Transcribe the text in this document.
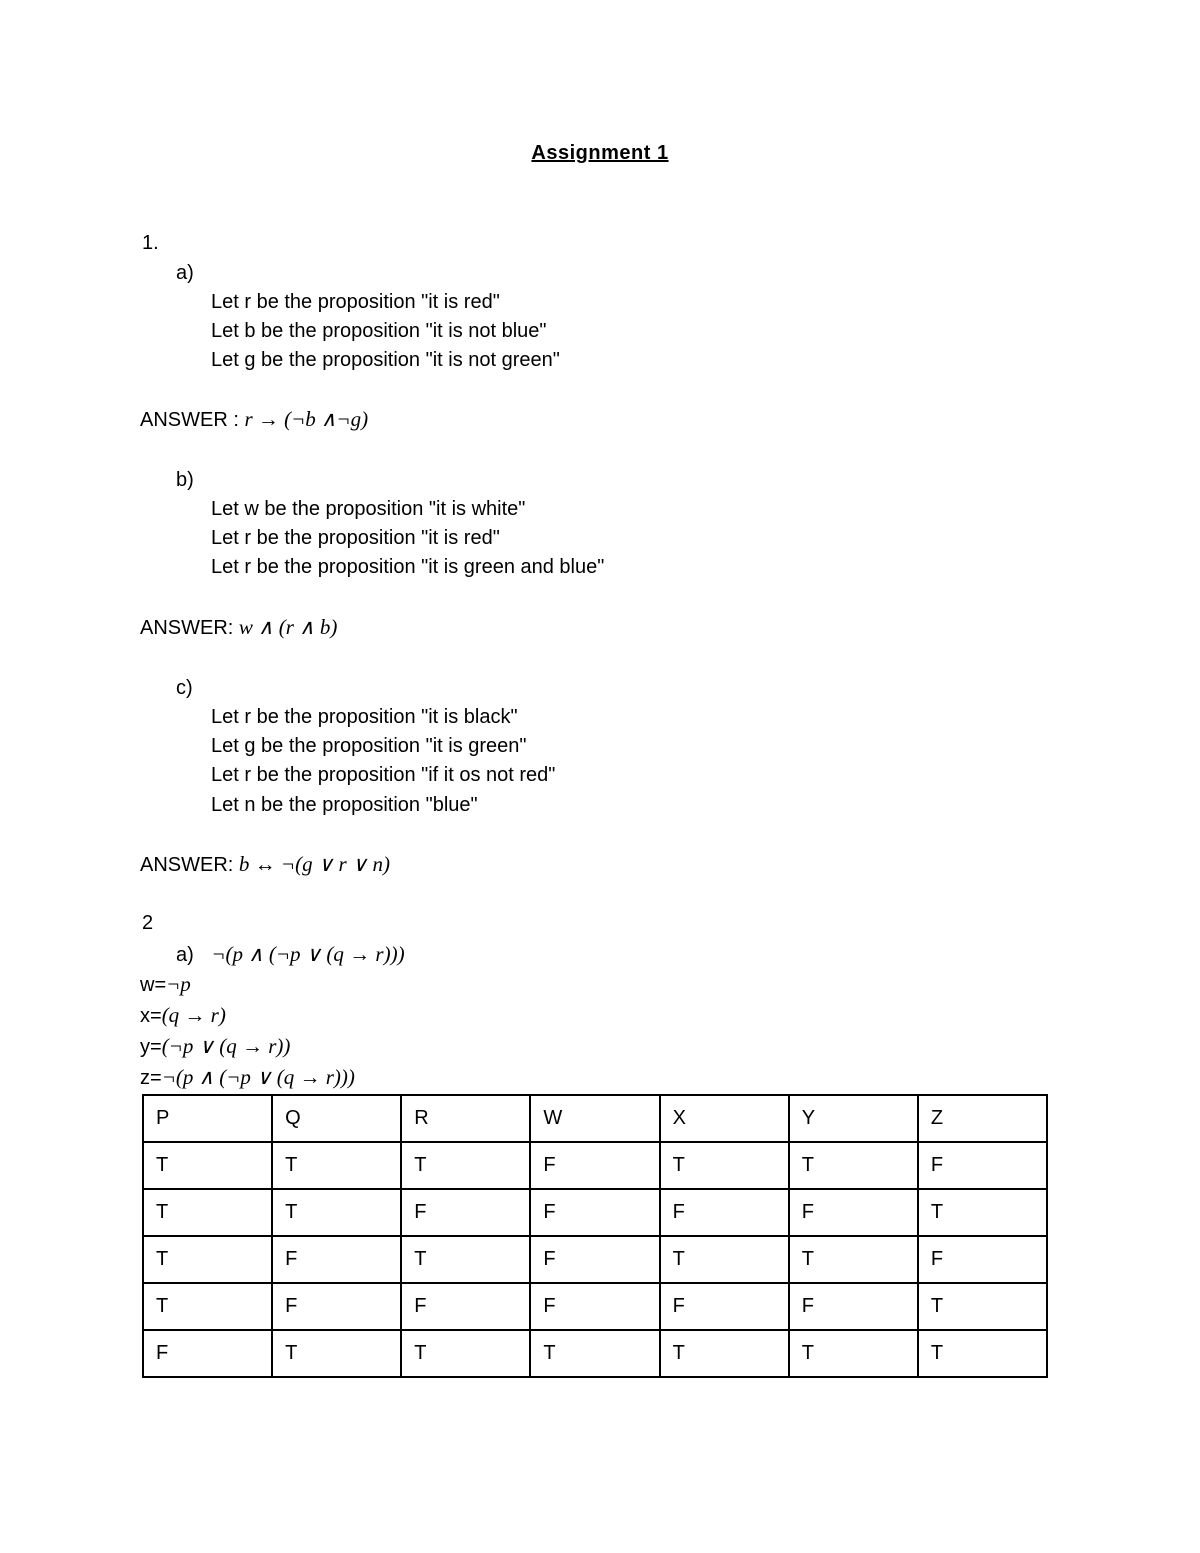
Assignment 1
1.
a)
Let r be the proposition "it is red"
Let b be the proposition "it is not blue"
Let g be the proposition "it is not green"
ANSWER : r → (¬b ∧¬g)
b)
Let w be the proposition "it is white"
Let r be the proposition "it is red"
Let r be the proposition "it is green and blue"
ANSWER: w ∧ (r ∧ b)
c)
Let r be the proposition "it is black"
Let g be the proposition "it is green"
Let r be the proposition "if it os not red"
Let n be the proposition "blue"
ANSWER: b ↔ ¬(g ∨ r ∨ n)
2
a) ¬(p ∧ (¬p ∨ (q → r)))
w=¬p
x=(q → r)
y=(¬p ∨ (q → r))
z=¬(p ∧ (¬p ∨ (q → r)))
P	Q	R	W	X	Y	Z
T	T	T	F	T	T	F
T	T	F	F	F	F	T
T	F	T	F	T	T	F
T	F	F	F	F	F	T
F	T	T	T	T	T	T
